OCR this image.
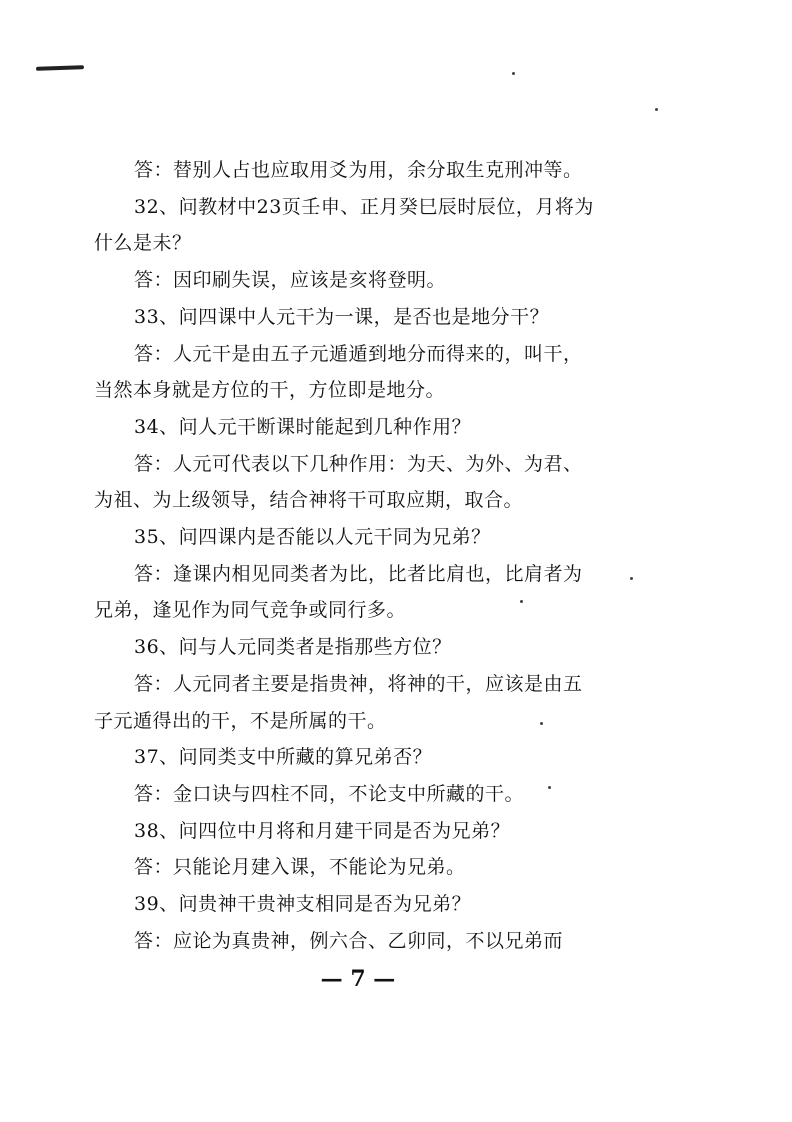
答：替别人占也应取用爻为用，余分取生克刑冲等。
32、问教材中23页壬申、正月癸巳辰时辰位，月将为
什么是未？
答：因印刷失误，应该是亥将登明。
33、问四课中人元干为一课，是否也是地分干？
答：人元干是由五子元遁遁到地分而得来的，叫干，
当然本身就是方位的干，方位即是地分。
34、问人元干断课时能起到几种作用？
答：人元可代表以下几种作用：为天、为外、为君、
为祖、为上级领导，结合神将干可取应期，取合。
35、问四课内是否能以人元干同为兄弟？
答：逢课内相见同类者为比，比者比肩也，比肩者为
兄弟，逢见作为同气竞争或同行多。
36、问与人元同类者是指那些方位？
答：人元同者主要是指贵神，将神的干，应该是由五
子元遁得出的干，不是所属的干。
37、问同类支中所藏的算兄弟否？
答：金口诀与四柱不同，不论支中所藏的干。
38、问四位中月将和月建干同是否为兄弟？
答：只能论月建入课，不能论为兄弟。
39、问贵神干贵神支相同是否为兄弟？
答：应论为真贵神，例六合、乙卯同，不以兄弟而
— 7 —
